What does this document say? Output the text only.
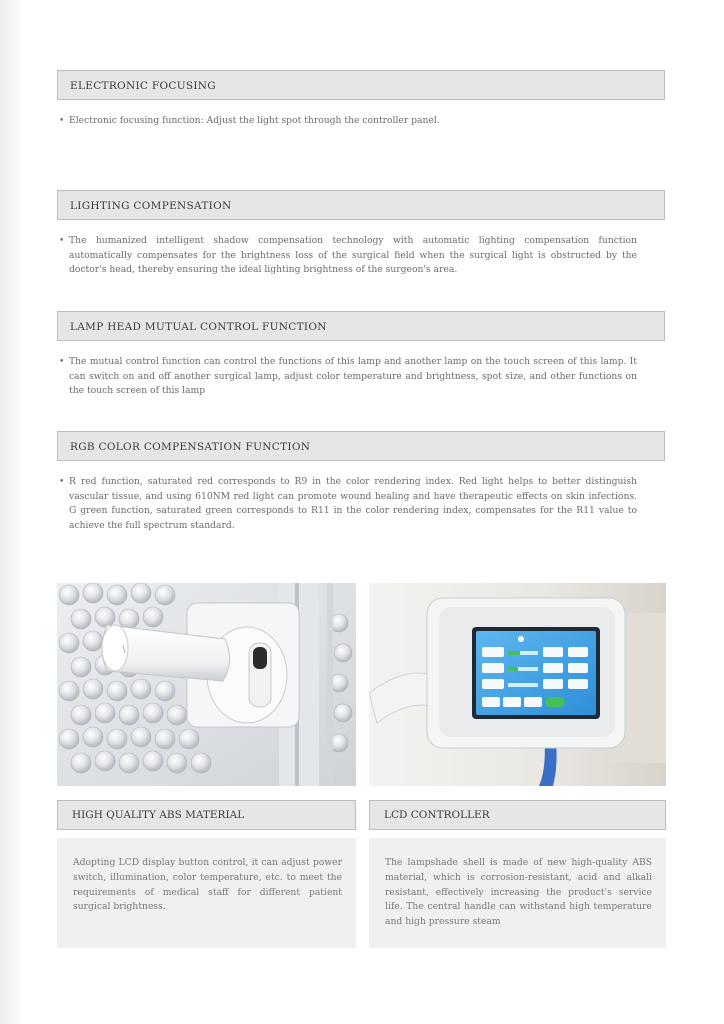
ELECTRONIC FOCUSING
• Electronic focusing function: Adjust the light spot through the controller panel.
LIGHTING COMPENSATION
• The humanized intelligent shadow compensation technology with automatic lighting compensation function automatically compensates for the brightness loss of the surgical field when the surgical light is obstructed by the doctor's head, thereby ensuring the ideal lighting brightness of the surgeon's area.
LAMP HEAD MUTUAL CONTROL FUNCTION
• The mutual control function can control the functions of this lamp and another lamp on the touch screen of this lamp. It can switch on and off another surgical lamp, adjust color temperature and brightness, spot size, and other functions on the touch screen of this lamp
RGB COLOR COMPENSATION FUNCTION
• R red function, saturated red corresponds to R9 in the color rendering index. Red light helps to better distinguish vascular tissue, and using 610NM red light can promote wound healing and have therapeutic effects on skin infections. G green function, saturated green corresponds to R11 in the color rendering index, compensates for the R11 value to achieve the full spectrum standard.
HIGH QUALITY ABS MATERIAL
Adopting LCD display button control, it can adjust power switch, illumination, color temperature, etc. to meet the requirements of medical staff for different patient surgical brightness.
LCD CONTROLLER
The lampshade shell is made of new high-quality ABS material, which is corrosion-resistant, acid and alkali resistant, effectively increasing the product's service life. The central handle can withstand high temperature and high pressure steam
